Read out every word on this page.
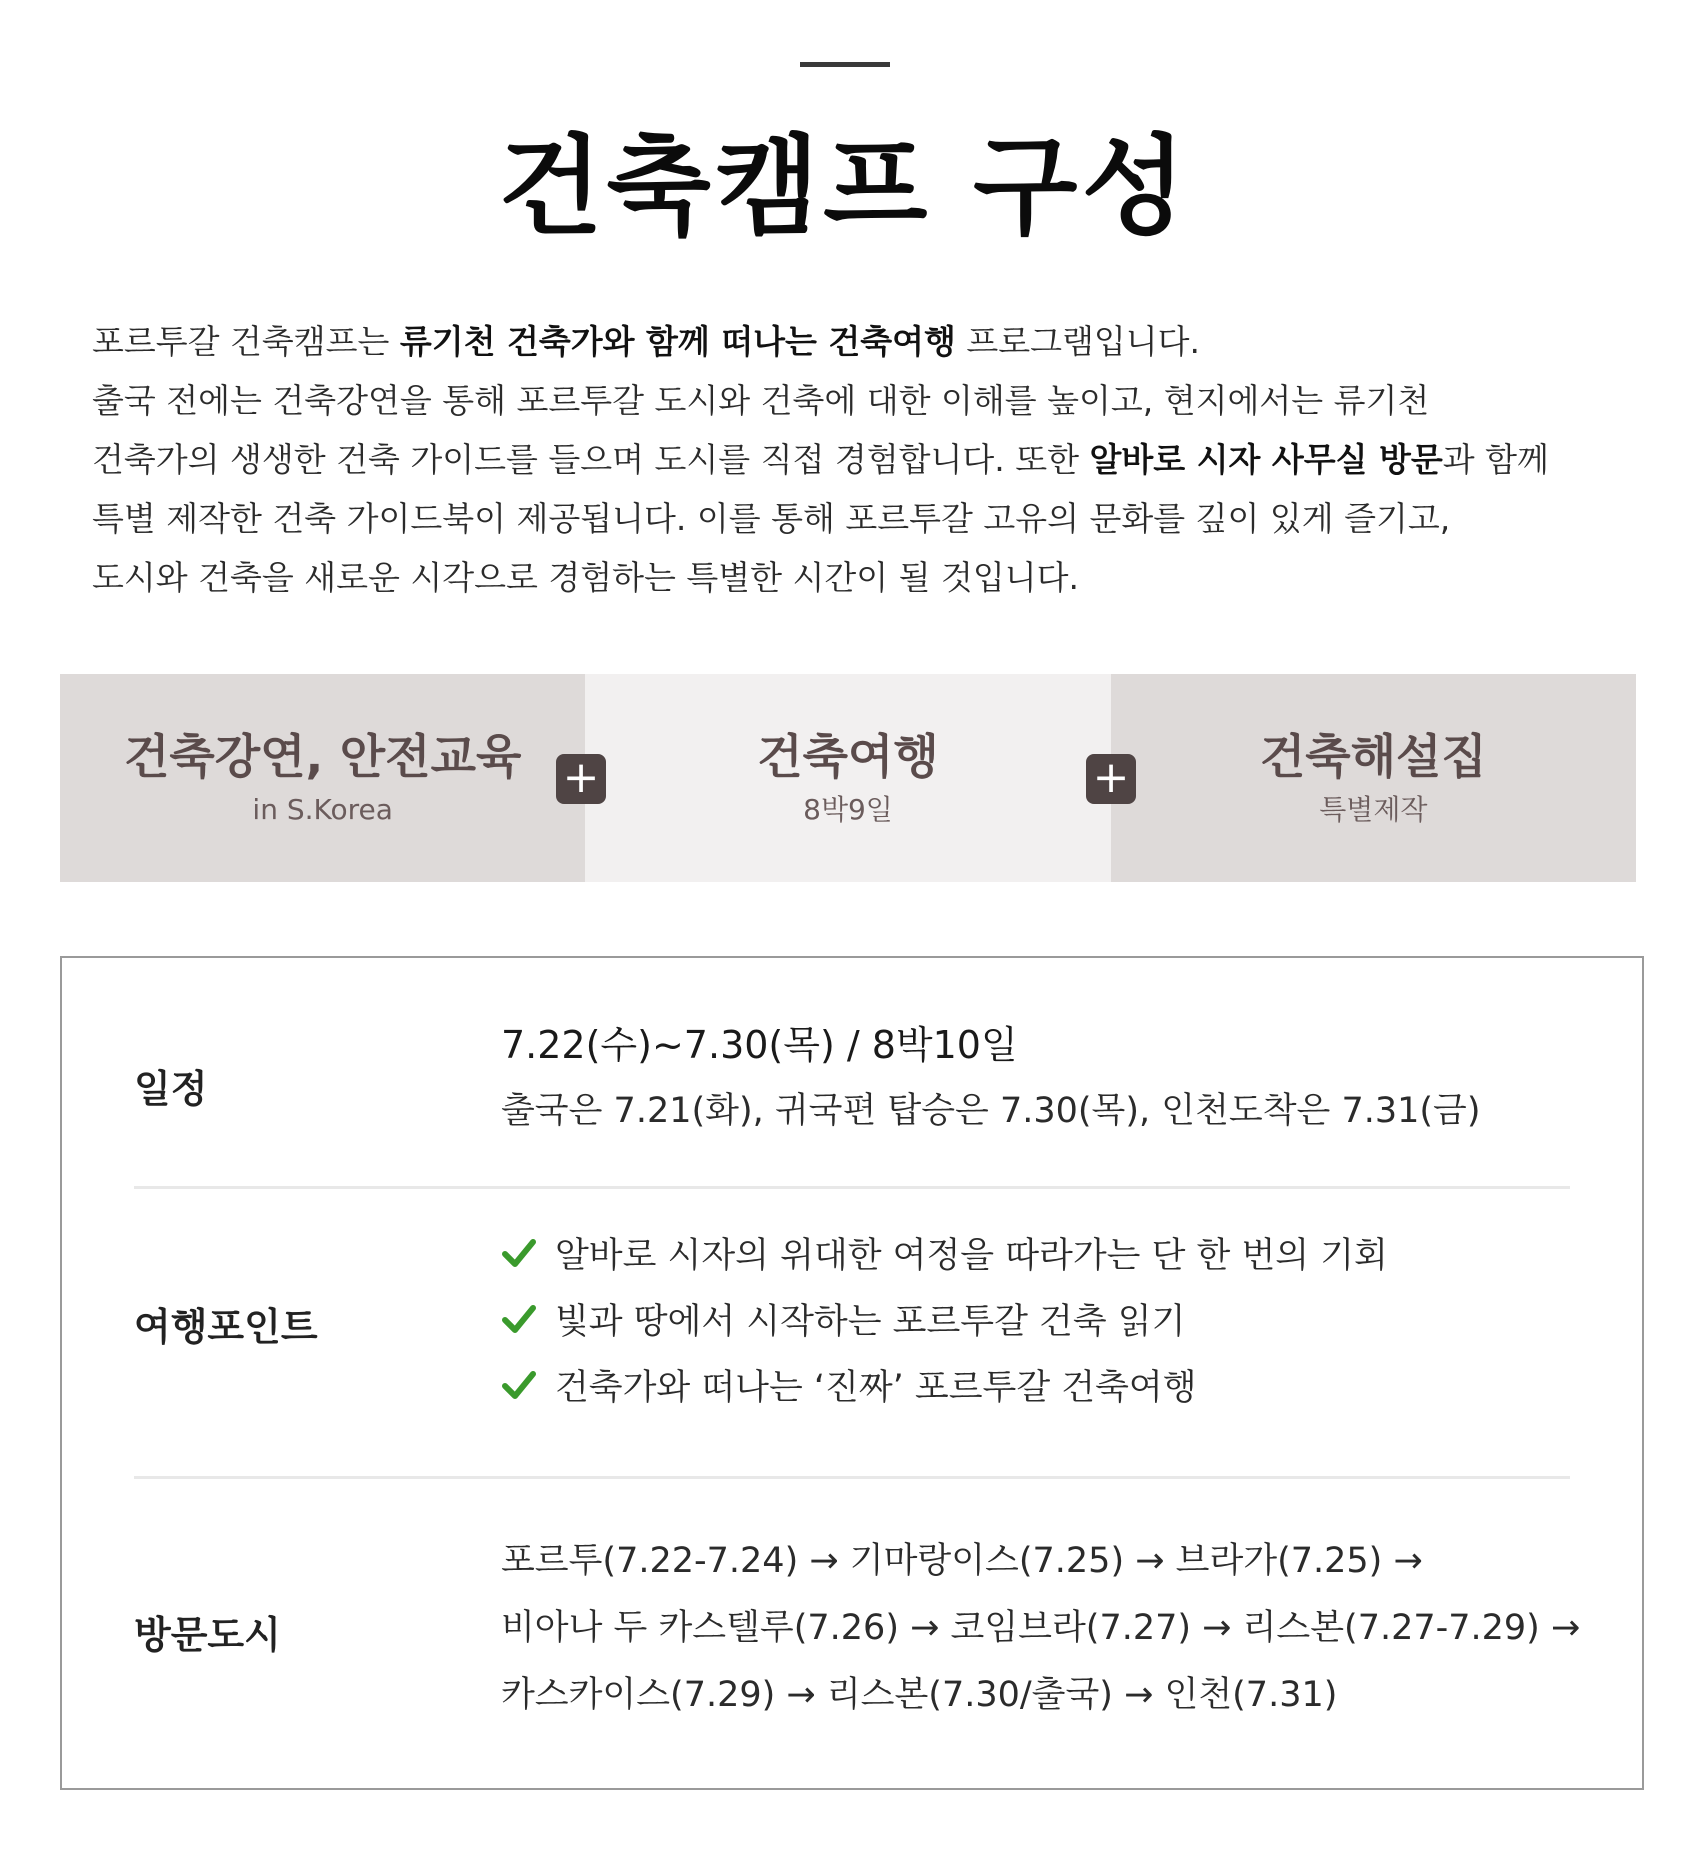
건축캠프 구성
포르투갈 건축캠프는 류기천 건축가와 함께 떠나는 건축여행 프로그램입니다.
출국 전에는 건축강연을 통해 포르투갈 도시와 건축에 대한 이해를 높이고, 현지에서는 류기천
건축가의 생생한 건축 가이드를 들으며 도시를 직접 경험합니다. 또한 알바로 시자 사무실 방문과 함께
특별 제작한 건축 가이드북이 제공됩니다. 이를 통해 포르투갈 고유의 문화를 깊이 있게 즐기고,
도시와 건축을 새로운 시각으로 경험하는 특별한 시간이 될 것입니다.
건축강연, 안전교육
in S.Korea
건축여행
8박9일
건축해설집
특별제작
+	+
일정
7.22(수)~7.30(목) / 8박10일
출국은 7.21(화), 귀국편 탑승은 7.30(목), 인천도착은 7.31(금)
여행포인트
알바로 시자의 위대한 여정을 따라가는 단 한 번의 기회
빛과 땅에서 시작하는 포르투갈 건축 읽기
건축가와 떠나는 ‘진짜’ 포르투갈 건축여행
방문도시
포르투(7.22-7.24) → 기마랑이스(7.25) → 브라가(7.25) →
비아나 두 카스텔루(7.26) → 코임브라(7.27) → 리스본(7.27-7.29) →
카스카이스(7.29) → 리스본(7.30/출국) → 인천(7.31)
